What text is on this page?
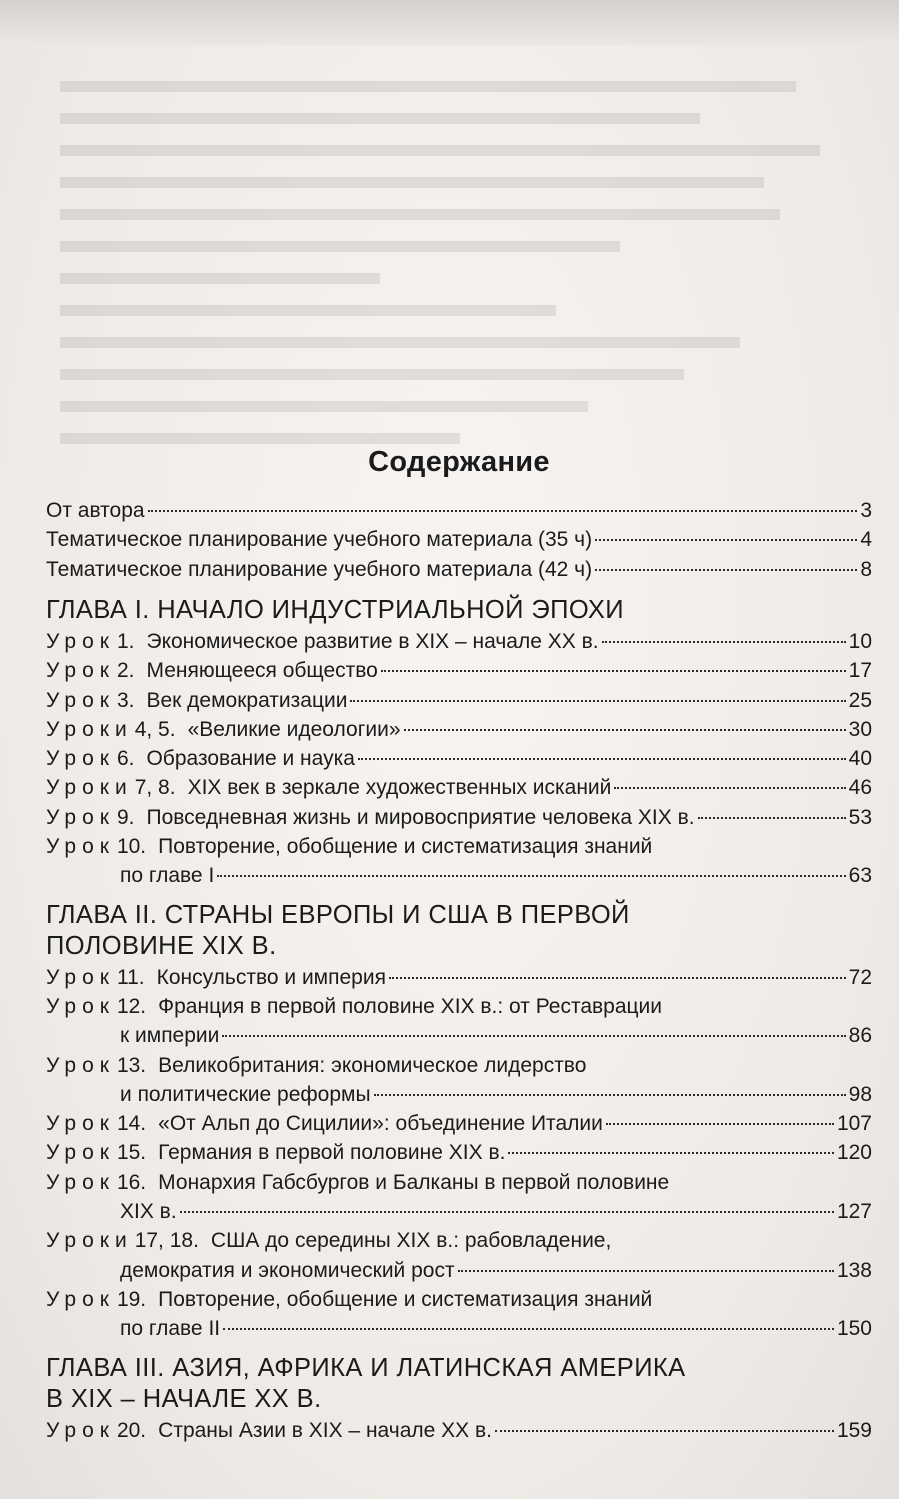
Содержание
От автора	3
Тематическое планирование учебного материала (35 ч)	4
Тематическое планирование учебного материала (42 ч)	8
ГЛАВА I. НАЧАЛО ИНДУСТРИАЛЬНОЙ ЭПОХИ
Урок1. Экономическое развитие в XIX – начале XX в.	10
Урок2. Меняющееся общество	17
Урок3. Век демократизации	25
Уроки4, 5. «Великие идеологии»	30
Урок6. Образование и наука	40
Уроки7, 8. XIX век в зеркале художественных исканий	46
Урок9. Повседневная жизнь и мировосприятие человека XIX в.	53
Урок10. Повторение, обобщение и систематизация знаний
по главе I	63
ГЛАВА II. СТРАНЫ ЕВРОПЫ И США В ПЕРВОЙ
ПОЛОВИНЕ XIX В.
Урок11. Консульство и империя	72
Урок12. Франция в первой половине XIX в.: от Реставрации
к империи	86
Урок13. Великобритания: экономическое лидерство
и политические реформы	98
Урок14. «От Альп до Сицилии»: объединение Италии	107
Урок15. Германия в первой половине XIX в.	120
Урок16. Монархия Габсбургов и Балканы в первой половине
XIX в.	127
Уроки17, 18. США до середины XIX в.: рабовладение,
демократия и экономический рост	138
Урок19. Повторение, обобщение и систематизация знаний
по главе II	150
ГЛАВА III. АЗИЯ, АФРИКА И ЛАТИНСКАЯ АМЕРИКА
В XIX – НАЧАЛЕ XX В.
Урок20. Страны Азии в XIX – начале XX в.	159
